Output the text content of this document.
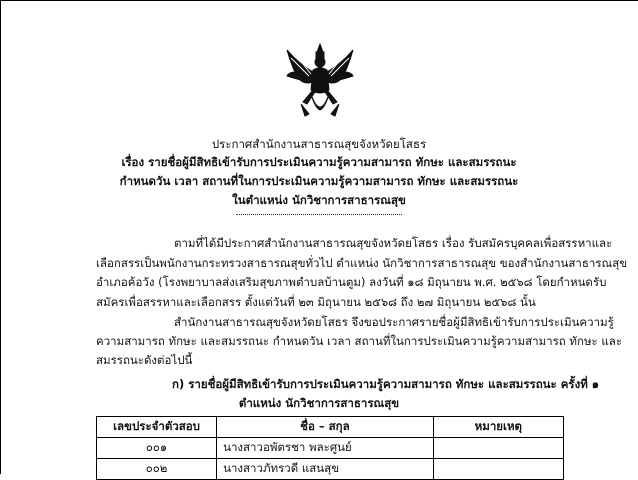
ประกาศสำนักงานสาธารณสุขจังหวัดยโสธร
เรื่อง รายชื่อผู้มีสิทธิเข้ารับการประเมินความรู้ความสามารถ ทักษะ และสมรรถนะ
กำหนดวัน เวลา สถานที่ในการประเมินความรู้ความสามารถ ทักษะ และสมรรถนะ
ในตำแหน่ง นักวิชาการสาธารณสุข
ตามที่ได้มีประกาศสำนักงานสาธารณสุขจังหวัดยโสธร เรื่อง รับสมัครบุคคลเพื่อสรรหาและ
เลือกสรรเป็นพนักงานกระทรวงสาธารณสุขทั่วไป ตำแหน่ง นักวิชาการสาธารณสุข ของสำนักงานสาธารณสุข
อำเภอค้อวัง (โรงพยาบาลส่งเสริมสุขภาพตำบลบ้านตูม) ลงวันที่ ๑๘ มิถุนายน พ.ศ. ๒๕๖๘ โดยกำหนดรับ
สมัครเพื่อสรรหาและเลือกสรร ตั้งแต่วันที่ ๒๓ มิถุนายน ๒๕๖๘ ถึง ๒๗ มิถุนายน ๒๕๖๘ นั้น
สำนักงานสาธารณสุขจังหวัดยโสธร จึงขอประกาศรายชื่อผู้มีสิทธิเข้ารับการประเมินความรู้
ความสามารถ ทักษะ และสมรรถนะ กำหนดวัน เวลา สถานที่ในการประเมินความรู้ความสามารถ ทักษะ และ
สมรรถนะดังต่อไปนี้
ก) รายชื่อผู้มีสิทธิเข้ารับการประเมินความรู้ความสามารถ ทักษะ และสมรรถนะ ครั้งที่ ๑
ตำแหน่ง นักวิชาการสาธารณสุข
เลขประจำตัวสอบ	ชื่อ – สกุล	หมายเหตุ
๐๐๑	นางสาวอพัตรชา พละศูนย์	
๐๐๒	นางสาวภัทรวดี แสนสุข	
